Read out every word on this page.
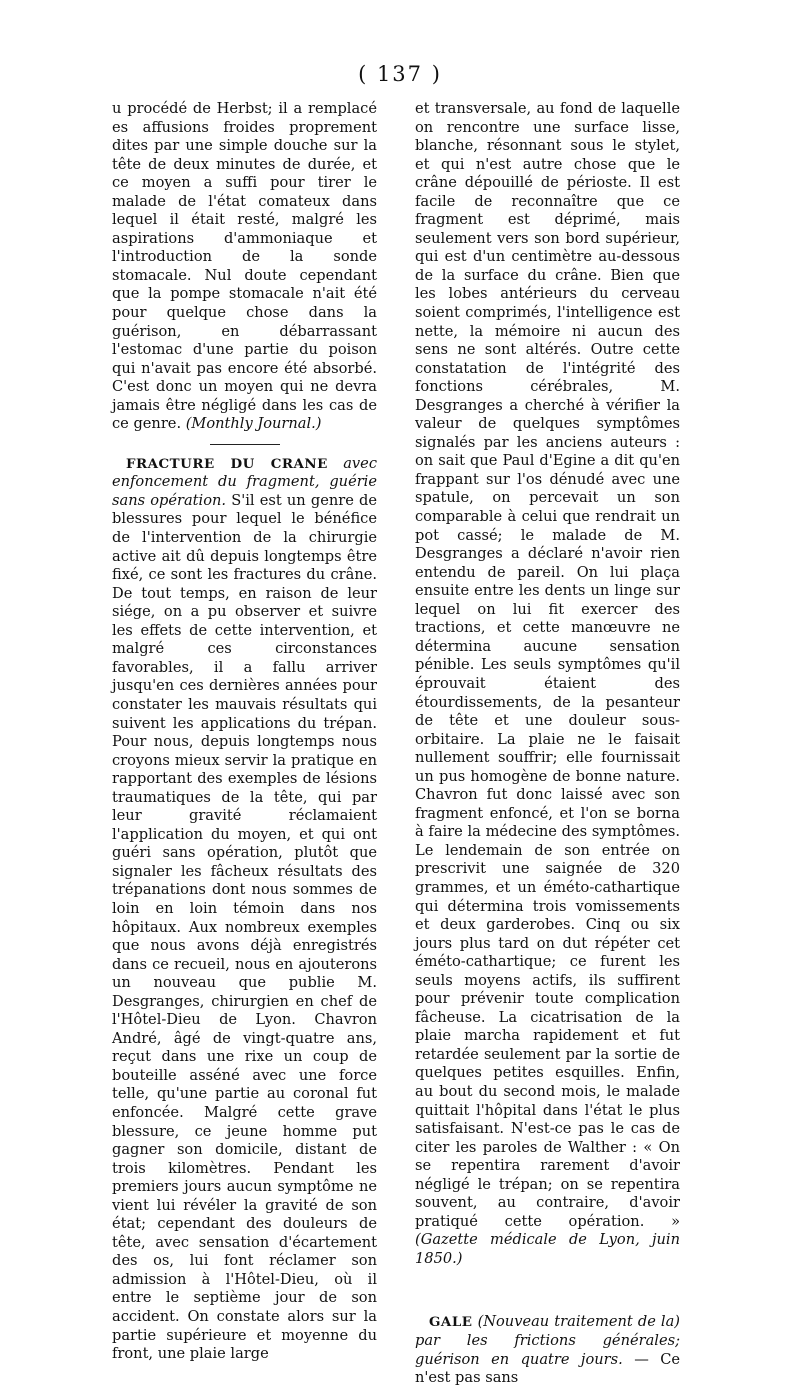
( 137 )

u procédé de Herbst; il a remplacé es affusions froides proprement dites par une simple douche sur la tête de deux minutes de durée, et ce moyen a suffi pour tirer le malade de l'état comateux dans lequel il était resté, malgré les aspirations d'ammoniaque et l'introduction de la sonde stomacale. Nul doute cependant que la pompe stomacale n'ait été pour quelque chose dans la guérison, en débarrassant l'estomac d'une partie du poison qui n'avait pas encore été absorbé. C'est donc un moyen qui ne devra jamais être négligé dans les cas de ce genre. (Monthly Journal.)

FRACTURE DU CRANE avec enfoncement du fragment, guérie sans opération. S'il est un genre de blessures pour lequel le bénéfice de l'intervention de la chirurgie active ait dû depuis longtemps être fixé, ce sont les fractures du crâne. De tout temps, en raison de leur siége, on a pu observer et suivre les effets de cette intervention, et malgré ces circonstances favorables, il a fallu arriver jusqu'en ces dernières années pour constater les mauvais résultats qui suivent les applications du trépan. Pour nous, depuis longtemps nous croyons mieux servir la pratique en rapportant des exemples de lésions traumatiques de la tête, qui par leur gravité réclamaient l'application du moyen, et qui ont guéri sans opération, plutôt que signaler les fâcheux résultats des trépanations dont nous sommes de loin en loin témoin dans nos hôpitaux. Aux nombreux exemples que nous avons déjà enregistrés dans ce recueil, nous en ajouterons un nouveau que publie M. Desgranges, chirurgien en chef de l'Hôtel-Dieu de Lyon. Chavron André, âgé de vingt-quatre ans, reçut dans une rixe un coup de bouteille asséné avec une force telle, qu'une partie au coronal fut enfoncée. Malgré cette grave blessure, ce jeune homme put gagner son domicile, distant de trois kilomètres. Pendant les premiers jours aucun symptôme ne vient lui révéler la gravité de son état; cependant des douleurs de tête, avec sensation d'écartement des os, lui font réclamer son admission à l'Hôtel-Dieu, où il entre le septième jour de son accident. On constate alors sur la partie supérieure et moyenne du front, une plaie large

et transversale, au fond de laquelle on rencontre une surface lisse, blanche, résonnant sous le stylet, et qui n'est autre chose que le crâne dépouillé de périoste. Il est facile de reconnaître que ce fragment est déprimé, mais seulement vers son bord supérieur, qui est d'un centimètre au-dessous de la surface du crâne. Bien que les lobes antérieurs du cerveau soient comprimés, l'intelligence est nette, la mémoire ni aucun des sens ne sont altérés. Outre cette constatation de l'intégrité des fonctions cérébrales, M. Desgranges a cherché à vérifier la valeur de quelques symptômes signalés par les anciens auteurs : on sait que Paul d'Egine a dit qu'en frappant sur l'os dénudé avec une spatule, on percevait un son comparable à celui que rendrait un pot cassé; le malade de M. Desgranges a déclaré n'avoir rien entendu de pareil. On lui plaça ensuite entre les dents un linge sur lequel on lui fit exercer des tractions, et cette manœuvre ne détermina aucune sensation pénible. Les seuls symptômes qu'il éprouvait étaient des étourdissements, de la pesanteur de tête et une douleur sous-orbitaire. La plaie ne le faisait nullement souffrir; elle fournissait un pus homogène de bonne nature. Chavron fut donc laissé avec son fragment enfoncé, et l'on se borna à faire la médecine des symptômes. Le lendemain de son entrée on prescrivit une saignée de 320 grammes, et un éméto-cathartique qui détermina trois vomissements et deux garderobes. Cinq ou six jours plus tard on dut répéter cet éméto-cathartique; ce furent les seuls moyens actifs, ils suffirent pour prévenir toute complication fâcheuse. La cicatrisation de la plaie marcha rapidement et fut retardée seulement par la sortie de quelques petites esquilles. Enfin, au bout du second mois, le malade quittait l'hôpital dans l'état le plus satisfaisant. N'est-ce pas le cas de citer les paroles de Walther : « On se repentira rarement d'avoir négligé le trépan; on se repentira souvent, au contraire, d'avoir pratiqué cette opération. » (Gazette médicale de Lyon, juin 1850.)

GALE (Nouveau traitement de la) par les frictions générales; guérison en quatre jours. — Ce n'est pas sans
